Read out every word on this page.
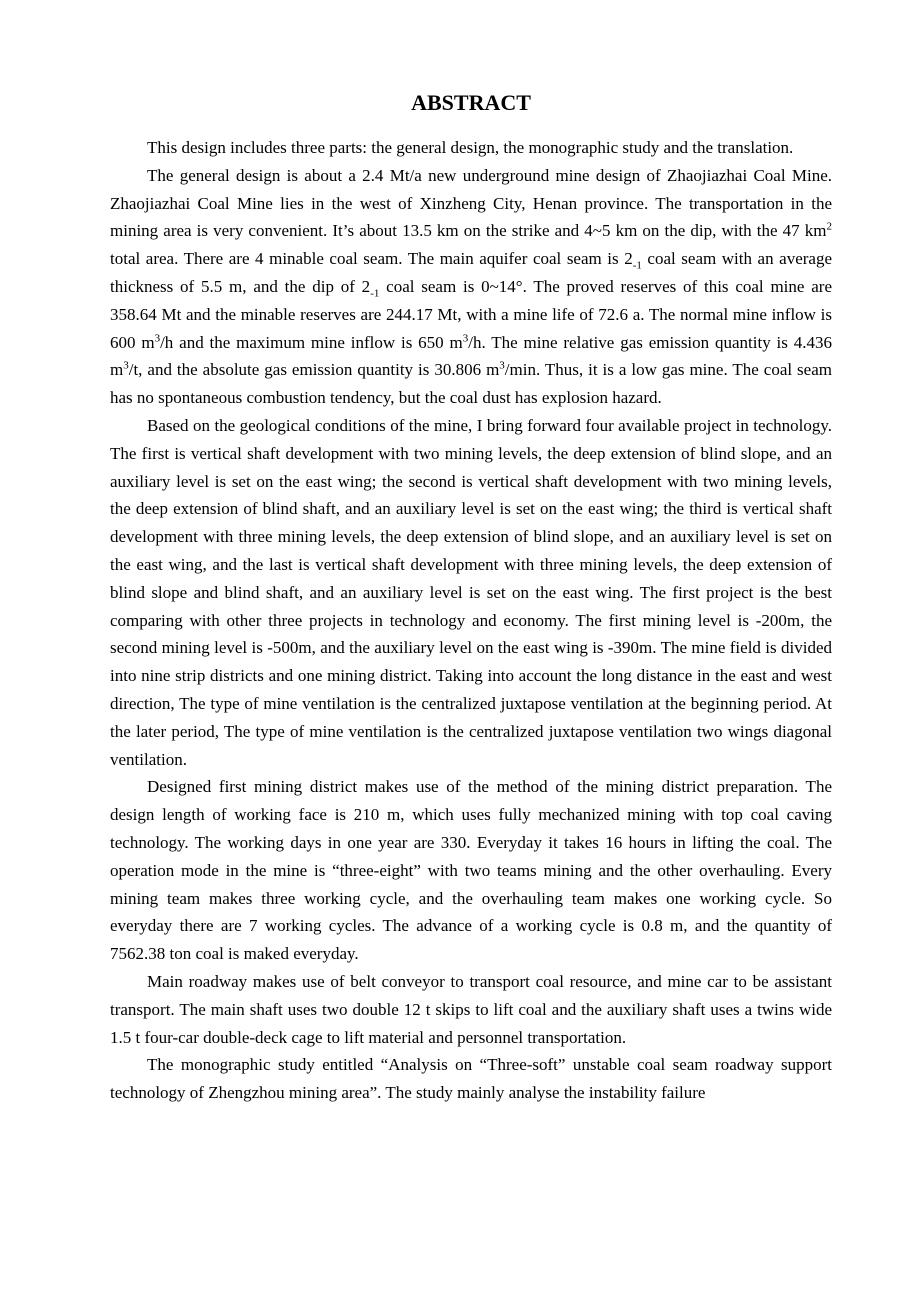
ABSTRACT

This design includes three parts: the general design, the monographic study and the translation.

The general design is about a 2.4 Mt/a new underground mine design of Zhaojiazhai Coal Mine. Zhaojiazhai Coal Mine lies in the west of Xinzheng City, Henan province. The transportation in the mining area is very convenient. It’s about 13.5 km on the strike and 4~5 km on the dip, with the 47 $km^2$ total area. There are 4 minable coal seam. The main aquifer coal seam is $2_{-1}$ coal seam with an average thickness of 5.5 m, and the dip of $2_{-1}$ coal seam is 0~14°. The proved reserves of this coal mine are 358.64 Mt and the minable reserves are 244.17 Mt, with a mine life of 72.6 a. The normal mine inflow is 600 $m^3/h$ and the maximum mine inflow is 650 $m^3/h$. The mine relative gas emission quantity is 4.436 $m^3/t$, and the absolute gas emission quantity is 30.806 $m^3/\min$. Thus, it is a low gas mine. The coal seam has no spontaneous combustion tendency, but the coal dust has explosion hazard.

Based on the geological conditions of the mine, I bring forward four available project in technology. The first is vertical shaft development with two mining levels, the deep extension of blind slope, and an auxiliary level is set on the east wing; the second is vertical shaft development with two mining levels, the deep extension of blind shaft, and an auxiliary level is set on the east wing; the third is vertical shaft development with three mining levels, the deep extension of blind slope, and an auxiliary level is set on the east wing, and the last is vertical shaft development with three mining levels, the deep extension of blind slope and blind shaft, and an auxiliary level is set on the east wing. The first project is the best comparing with other three projects in technology and economy. The first mining level is -200m, the second mining level is -500m, and the auxiliary level on the east wing is -390m. The mine field is divided into nine strip districts and one mining district. Taking into account the long distance in the east and west direction, The type of mine ventilation is the centralized juxtapose ventilation at the beginning period. At the later period, The type of mine ventilation is the centralized juxtapose ventilation two wings diagonal ventilation.

Designed first mining district makes use of the method of the mining district preparation. The design length of working face is 210 m, which uses fully mechanized mining with top coal caving technology. The working days in one year are 330. Everyday it takes 16 hours in lifting the coal. The operation mode in the mine is “three-eight” with two teams mining and the other overhauling. Every mining team makes three working cycle, and the overhauling team makes one working cycle. So everyday there are 7 working cycles. The advance of a working cycle is 0.8 m, and the quantity of 7562.38 ton coal is maked everyday.

Main roadway makes use of belt conveyor to transport coal resource, and mine car to be assistant transport. The main shaft uses two double 12 t skips to lift coal and the auxiliary shaft uses a twins wide 1.5 t four-car double-deck cage to lift material and personnel transportation.

The monographic study entitled “Analysis on “Three-soft” unstable coal seam roadway support technology of Zhengzhou mining area”. The study mainly analyse the instability failure
